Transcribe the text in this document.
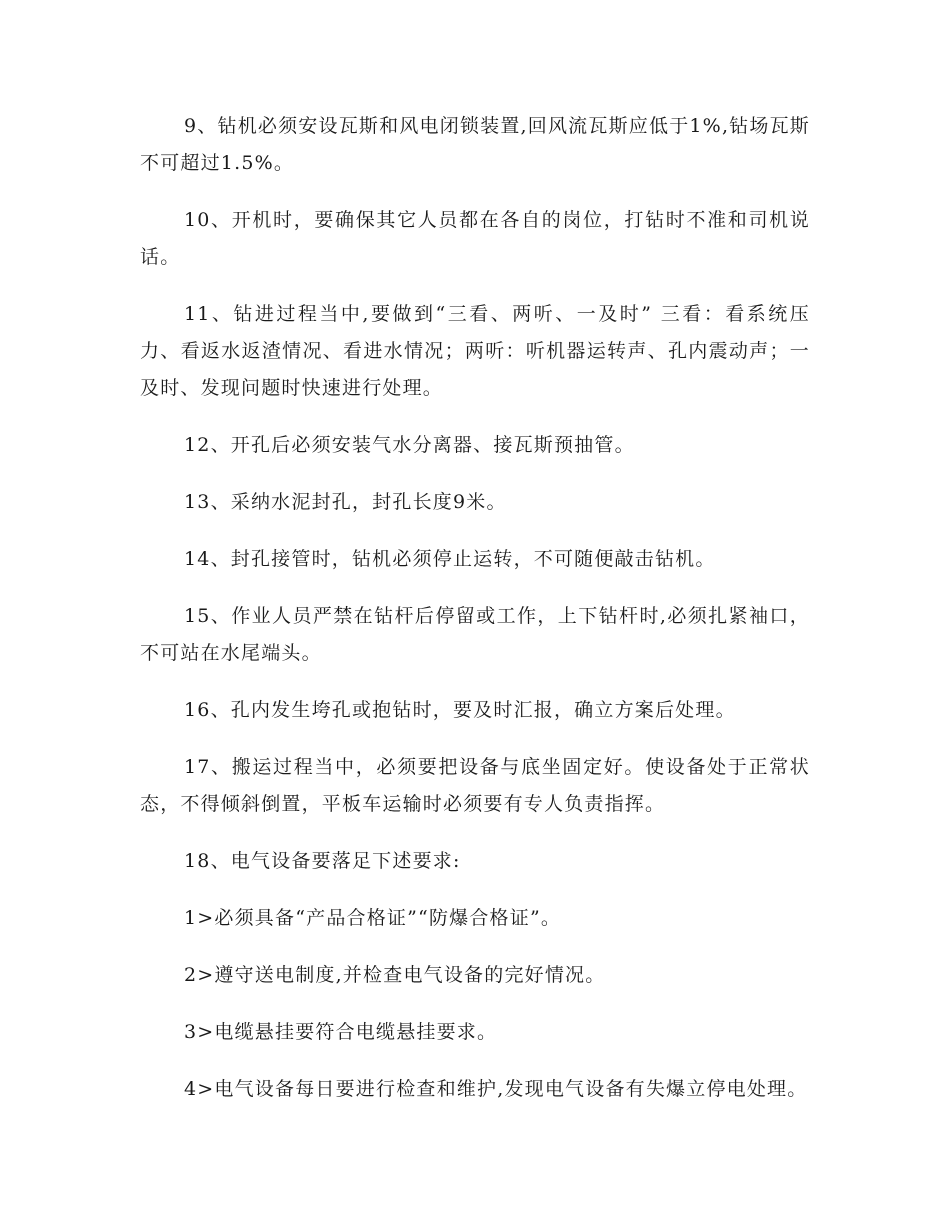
9、钻机必须安设瓦斯和风电闭锁装置,回风流瓦斯应低于1%,钻场瓦斯不可超过1.5%。

10、开机时，要确保其它人员都在各自的岗位，打钻时不准和司机说话。

11、钻进过程当中,要做到“三看、两听、一及时” 三看：看系统压力、看返水返渣情况、看进水情况；两听：听机器运转声、孔内震动声；一及时、发现问题时快速进行处理。

12、开孔后必须安装气水分离器、接瓦斯预抽管。

13、采纳水泥封孔，封孔长度9米。

14、封孔接管时，钻机必须停止运转，不可随便敲击钻机。

15、作业人员严禁在钻杆后停留或工作，上下钻杆时,必须扎紧袖口，不可站在水尾端头。

16、孔内发生垮孔或抱钻时，要及时汇报，确立方案后处理。

17、搬运过程当中，必须要把设备与底坐固定好。使设备处于正常状态，不得倾斜倒置，平板车运输时必须要有专人负责指挥。

18、电气设备要落足下述要求:

1>必须具备“产品合格证”“防爆合格证”。

2>遵守送电制度,并检查电气设备的完好情况。

3>电缆悬挂要符合电缆悬挂要求。

4>电气设备每日要进行检查和维护,发现电气设备有失爆立停电处理。
